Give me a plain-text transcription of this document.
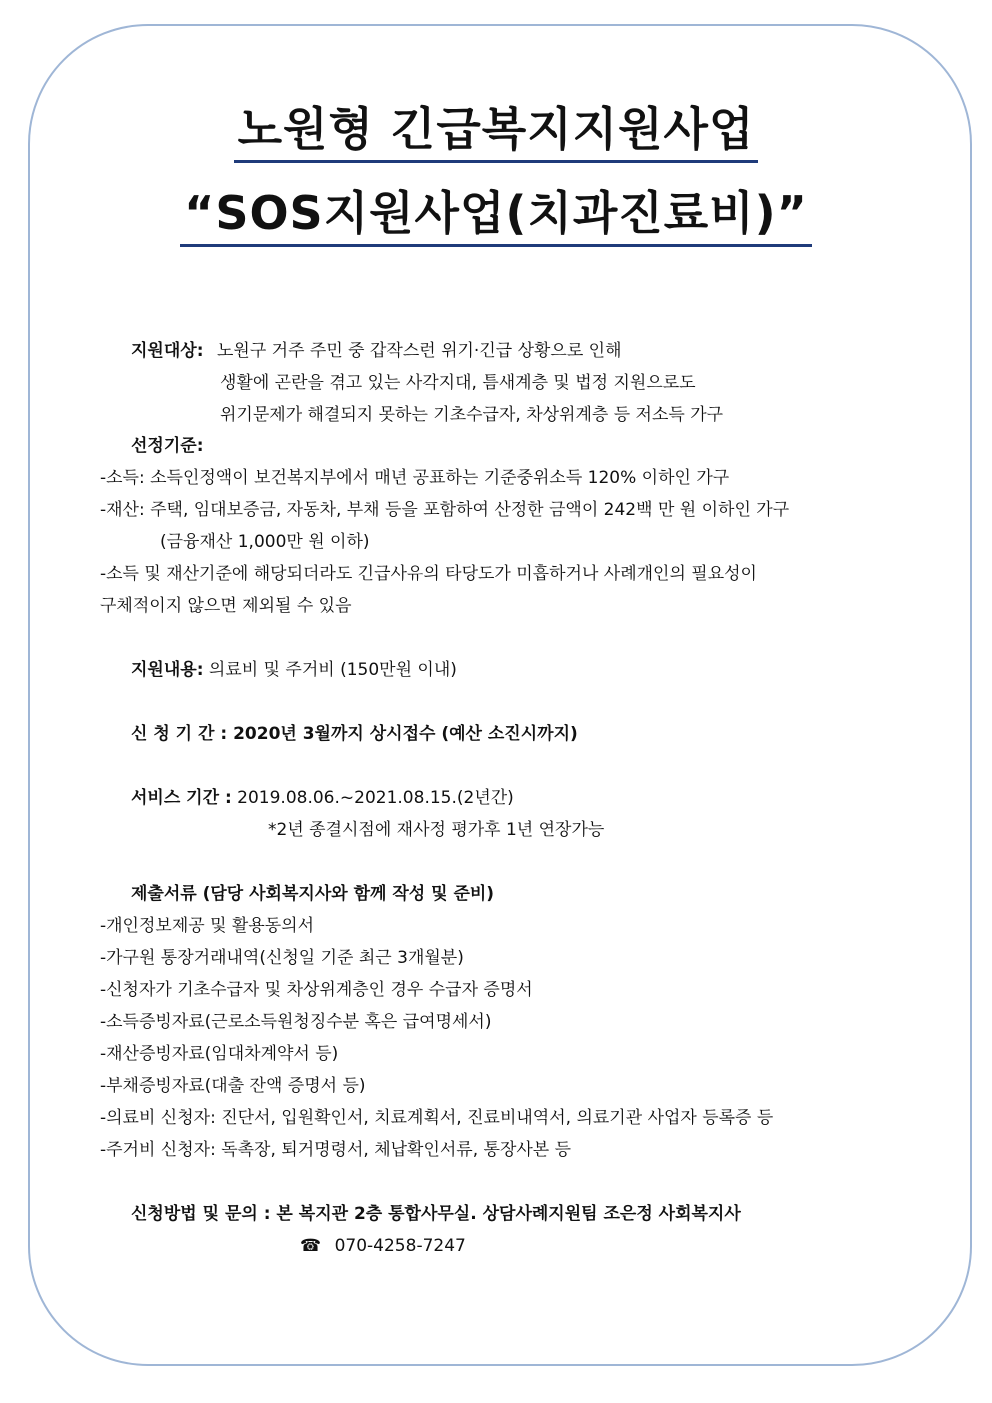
노원형 긴급복지지원사업
“SOS지원사업(치과진료비)”
지원대상: 노원구 거주 주민 중 갑작스런 위기·긴급 상황으로 인해
생활에 곤란을 겪고 있는 사각지대, 틈새계층 및 법정 지원으로도
위기문제가 해결되지 못하는 기초수급자, 차상위계층 등 저소득 가구
선정기준:
-소득: 소득인정액이 보건복지부에서 매년 공표하는 기준중위소득 120% 이하인 가구
-재산: 주택, 임대보증금, 자동차, 부채 등을 포함하여 산정한 금액이 242백 만 원 이하인 가구
(금융재산 1,000만 원 이하)
-소득 및 재산기준에 해당되더라도 긴급사유의 타당도가 미흡하거나 사례개인의 필요성이
구체적이지 않으면 제외될 수 있음
지원내용: 의료비 및 주거비 (150만원 이내)
신 청 기 간 : 2020년 3월까지 상시접수 (예산 소진시까지)
서비스 기간 : 2019.08.06.~2021.08.15.(2년간)
*2년 종결시점에 재사정 평가후 1년 연장가능
제출서류 (담당 사회복지사와 함께 작성 및 준비)
-개인정보제공 및 활용동의서
-가구원 통장거래내역(신청일 기준 최근 3개월분)
-신청자가 기초수급자 및 차상위계층인 경우 수급자 증명서
-소득증빙자료(근로소득원청징수분 혹은 급여명세서)
-재산증빙자료(임대차계약서 등)
-부채증빙자료(대출 잔액 증명서 등)
-의료비 신청자: 진단서, 입원확인서, 치료계획서, 진료비내역서, 의료기관 사업자 등록증 등
-주거비 신청자: 독촉장, 퇴거명령서, 체납확인서류, 통장사본 등
신청방법 및 문의 : 본 복지관 2층 통합사무실. 상담사례지원팀 조은정 사회복지사
☎ 070-4258-7247
